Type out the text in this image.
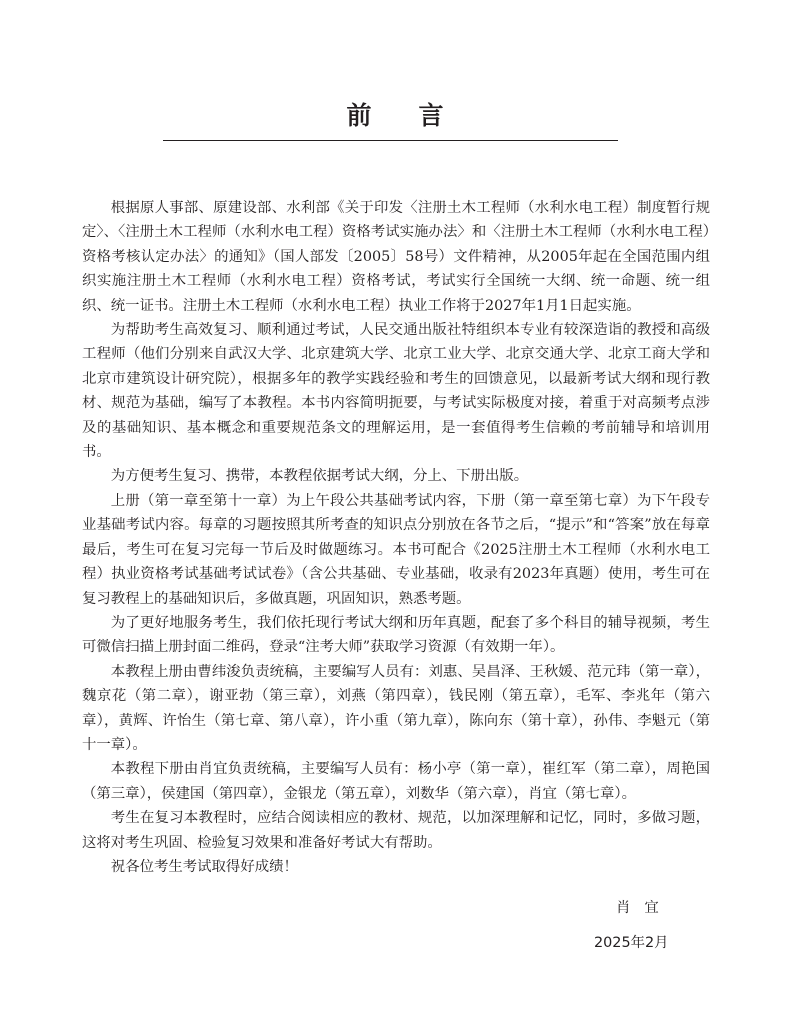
前言

根据原人事部、原建设部、水利部《关于印发〈注册土木工程师（水利水电工程）制度暂行规定〉、〈注册土木工程师（水利水电工程）资格考试实施办法〉和〈注册土木工程师（水利水电工程）资格考核认定办法〉的通知》（国人部发〔2005〕58号）文件精神，从2005年起在全国范围内组织实施注册土木工程师（水利水电工程）资格考试，考试实行全国统一大纲、统一命题、统一组织、统一证书。注册土木工程师（水利水电工程）执业工作将于2027年1月1日起实施。

为帮助考生高效复习、顺利通过考试，人民交通出版社特组织本专业有较深造诣的教授和高级工程师（他们分别来自武汉大学、北京建筑大学、北京工业大学、北京交通大学、北京工商大学和北京市建筑设计研究院），根据多年的教学实践经验和考生的回馈意见，以最新考试大纲和现行教材、规范为基础，编写了本教程。本书内容简明扼要，与考试实际极度对接，着重于对高频考点涉及的基础知识、基本概念和重要规范条文的理解运用，是一套值得考生信赖的考前辅导和培训用书。

为方便考生复习、携带，本教程依据考试大纲，分上、下册出版。

上册（第一章至第十一章）为上午段公共基础考试内容，下册（第一章至第七章）为下午段专业基础考试内容。每章的习题按照其所考查的知识点分别放在各节之后，“提示”和“答案”放在每章最后，考生可在复习完每一节后及时做题练习。本书可配合《2025注册土木工程师（水利水电工程）执业资格考试基础考试试卷》（含公共基础、专业基础，收录有2023年真题）使用，考生可在复习教程上的基础知识后，多做真题，巩固知识，熟悉考题。

为了更好地服务考生，我们依托现行考试大纲和历年真题，配套了多个科目的辅导视频，考生可微信扫描上册封面二维码，登录“注考大师”获取学习资源（有效期一年）。

本教程上册由曹纬浚负责统稿，主要编写人员有：刘惠、吴昌泽、王秋媛、范元玮（第一章），魏京花（第二章），谢亚勃（第三章），刘燕（第四章），钱民刚（第五章），毛军、李兆年（第六章），黄辉、许怡生（第七章、第八章），许小重（第九章），陈向东（第十章），孙伟、李魁元（第十一章）。

本教程下册由肖宜负责统稿，主要编写人员有：杨小亭（第一章），崔红军（第二章），周艳国（第三章），侯建国（第四章），金银龙（第五章），刘数华（第六章），肖宜（第七章）。

考生在复习本教程时，应结合阅读相应的教材、规范，以加深理解和记忆，同时，多做习题，这将对考生巩固、检验复习效果和准备好考试大有帮助。

祝各位考生考试取得好成绩！

肖宜
2025年2月
